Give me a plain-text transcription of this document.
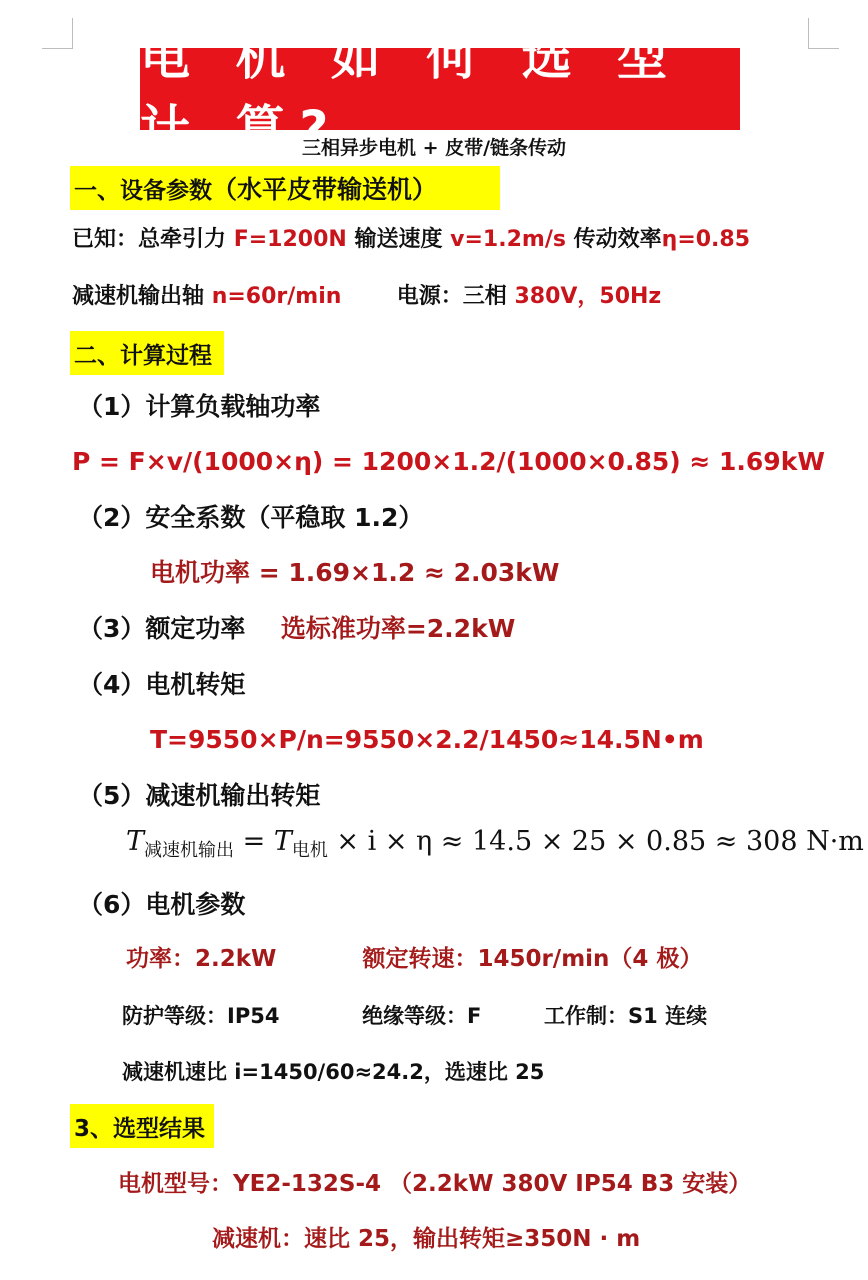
电 机 如 何 选 型 计 算?
三相异步电机 + 皮带/链条传动
一、设备参数 （水平皮带输送机）
已知：总牵引力 F=1200N 输送速度 v=1.2m/s 传动效率η=0.85
减速机输出轴 n=60r/min	电源：三相 380V，50Hz
二、计算过程
（1）计算负载轴功率
P = F×v/(1000×η) = 1200×1.2/(1000×0.85) ≈ 1.69kW
（2）安全系数（平稳取 1.2）
电机功率 = 1.69×1.2 ≈ 2.03kW
（3）额定功率 选标准功率=2.2kW
（4）电机转矩
T=9550×P/n=9550×2.2/1450≈14.5N•m
（5）减速机输出转矩
$T_{减速机输出} = T_{电机} \times i \times \eta \approx 14.5 \times 25 \times 0.85 \approx 308$ N·m
（6）电机参数
功率：2.2kW	额定转速：1450r/min（4 极）
防护等级：IP54	绝缘等级：F	工作制：S1 连续
减速机速比 i=1450/60≈24.2，选速比 25
3、选型结果
电机型号：YE2-132S-4 （2.2kW 380V IP54 B3 安装）
减速机：速比 25，输出转矩≥350N · m
